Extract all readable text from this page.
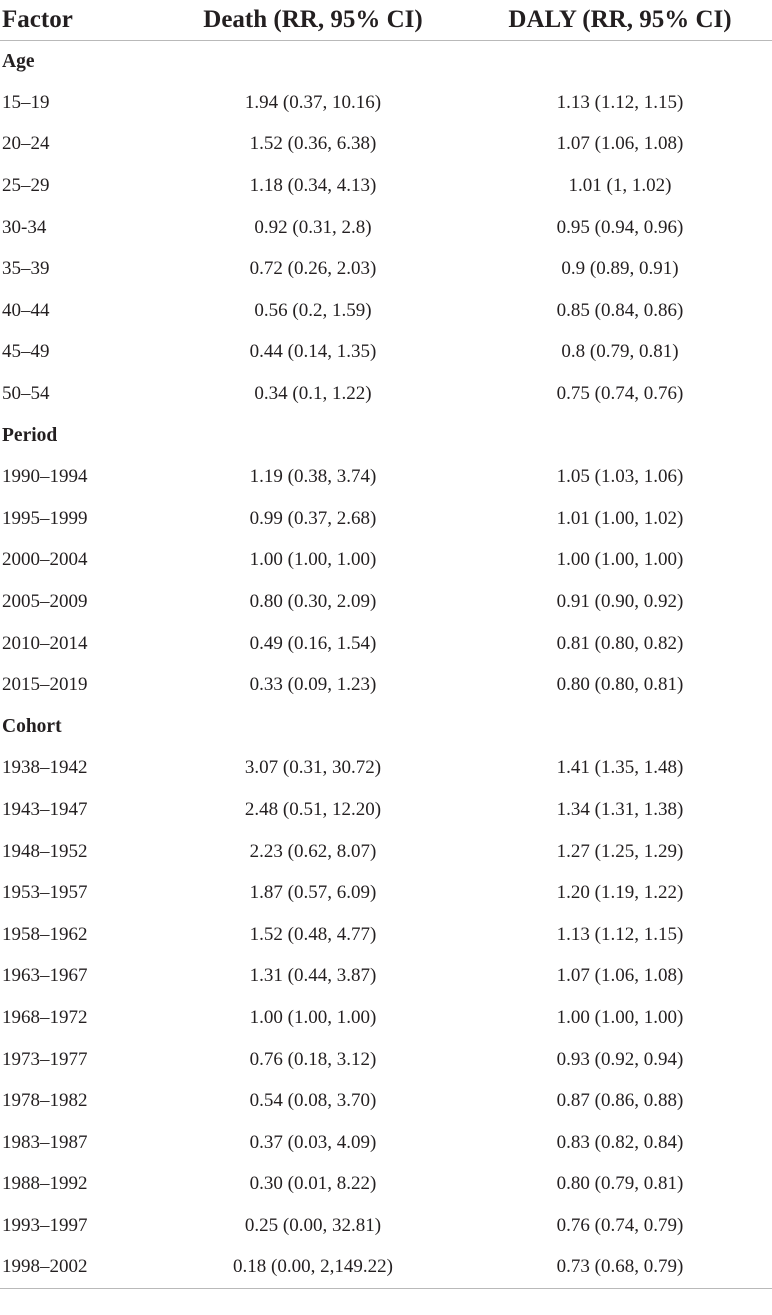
Factor	Death (RR, 95% CI)	DALY (RR, 95% CI)
Age		
15–19	1.94 (0.37, 10.16)	1.13 (1.12, 1.15)
20–24	1.52 (0.36, 6.38)	1.07 (1.06, 1.08)
25–29	1.18 (0.34, 4.13)	1.01 (1, 1.02)
30-34	0.92 (0.31, 2.8)	0.95 (0.94, 0.96)
35–39	0.72 (0.26, 2.03)	0.9 (0.89, 0.91)
40–44	0.56 (0.2, 1.59)	0.85 (0.84, 0.86)
45–49	0.44 (0.14, 1.35)	0.8 (0.79, 0.81)
50–54	0.34 (0.1, 1.22)	0.75 (0.74, 0.76)
Period		
1990–1994	1.19 (0.38, 3.74)	1.05 (1.03, 1.06)
1995–1999	0.99 (0.37, 2.68)	1.01 (1.00, 1.02)
2000–2004	1.00 (1.00, 1.00)	1.00 (1.00, 1.00)
2005–2009	0.80 (0.30, 2.09)	0.91 (0.90, 0.92)
2010–2014	0.49 (0.16, 1.54)	0.81 (0.80, 0.82)
2015–2019	0.33 (0.09, 1.23)	0.80 (0.80, 0.81)
Cohort		
1938–1942	3.07 (0.31, 30.72)	1.41 (1.35, 1.48)
1943–1947	2.48 (0.51, 12.20)	1.34 (1.31, 1.38)
1948–1952	2.23 (0.62, 8.07)	1.27 (1.25, 1.29)
1953–1957	1.87 (0.57, 6.09)	1.20 (1.19, 1.22)
1958–1962	1.52 (0.48, 4.77)	1.13 (1.12, 1.15)
1963–1967	1.31 (0.44, 3.87)	1.07 (1.06, 1.08)
1968–1972	1.00 (1.00, 1.00)	1.00 (1.00, 1.00)
1973–1977	0.76 (0.18, 3.12)	0.93 (0.92, 0.94)
1978–1982	0.54 (0.08, 3.70)	0.87 (0.86, 0.88)
1983–1987	0.37 (0.03, 4.09)	0.83 (0.82, 0.84)
1988–1992	0.30 (0.01, 8.22)	0.80 (0.79, 0.81)
1993–1997	0.25 (0.00, 32.81)	0.76 (0.74, 0.79)
1998–2002	0.18 (0.00, 2,149.22)	0.73 (0.68, 0.79)
